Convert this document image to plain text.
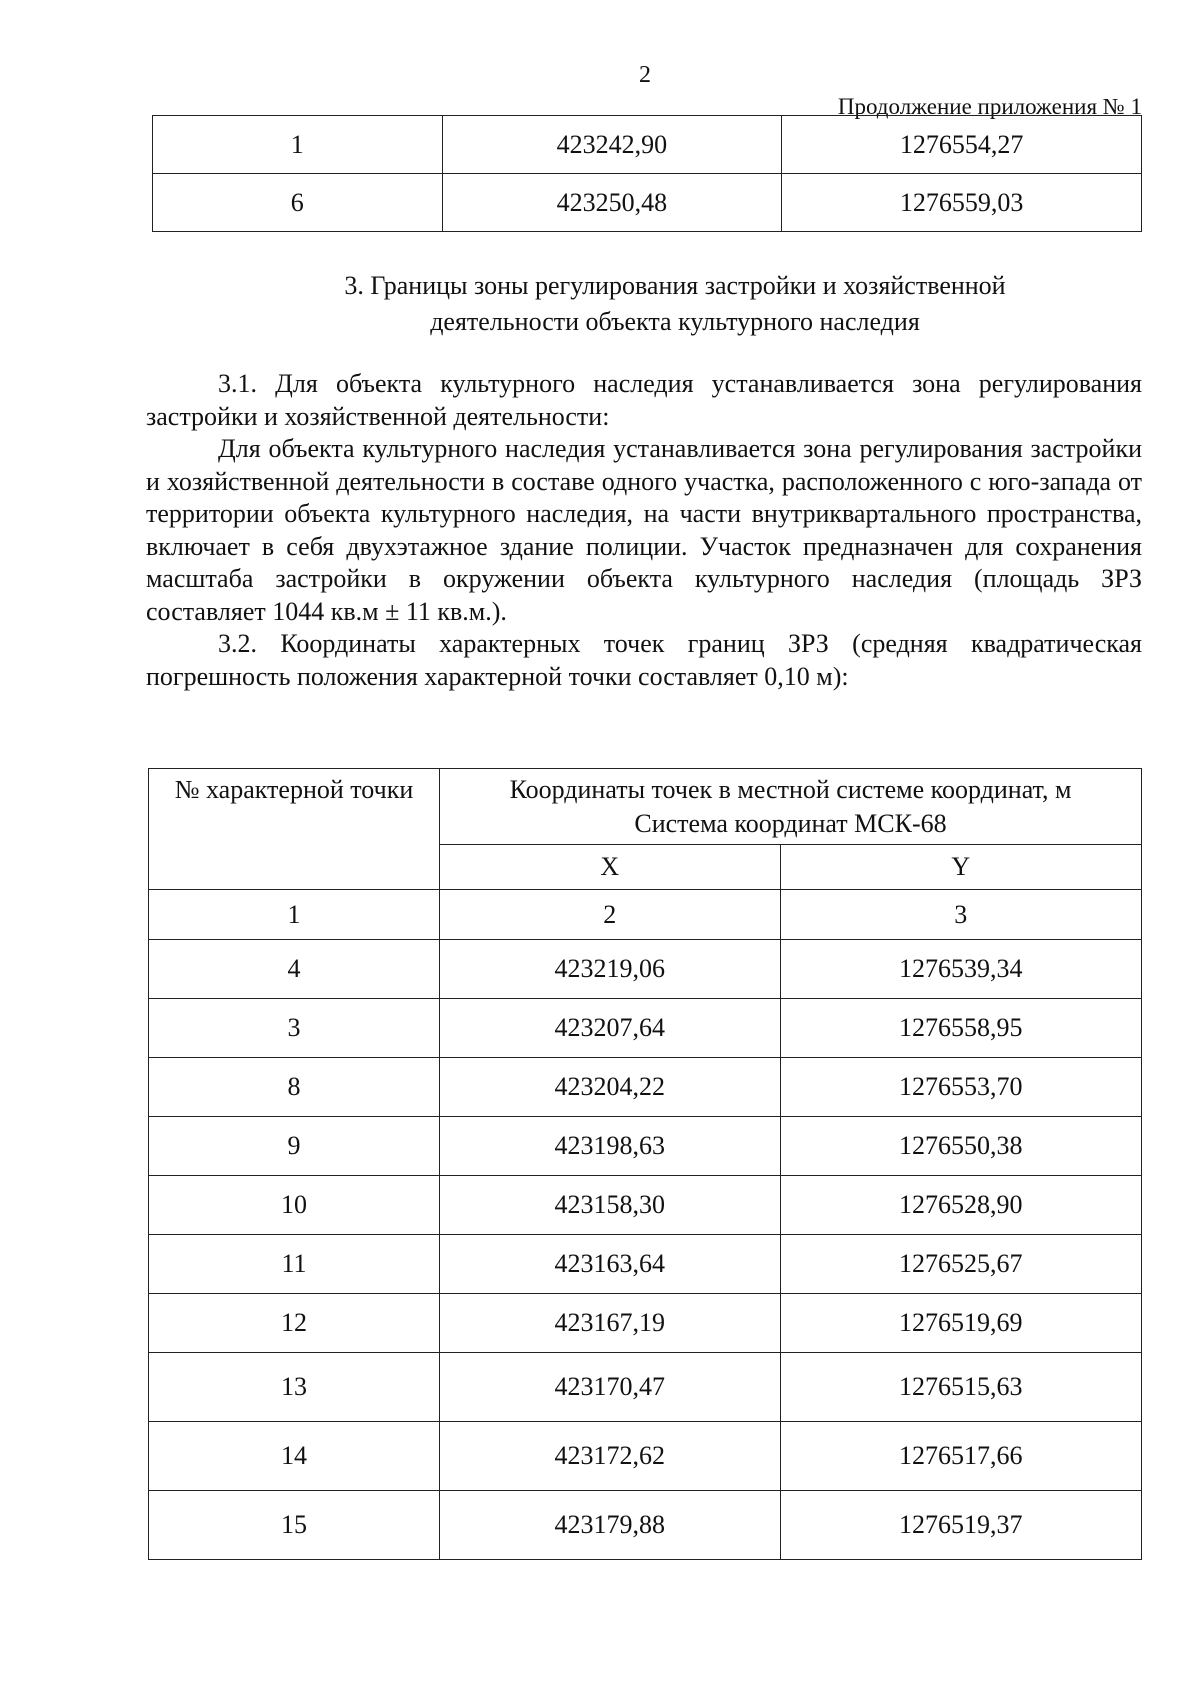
2
Продолжение приложения № 1
1	423242,90	1276554,27
6	423250,48	1276559,03
3. Границы зоны регулирования застройки и хозяйственной
деятельности объекта культурного наследия

3.1. Для объекта культурного наследия устанавливается зона регулирования застройки и хозяйственной деятельности:

Для объекта культурного наследия устанавливается зона регулирования застройки и хозяйственной деятельности в составе одного участка, расположенного с юго-запада от территории объекта культурного наследия, на части внутриквартального пространства, включает в себя двухэтажное здание полиции. Участок предназначен для сохранения масштаба застройки в окружении объекта культурного наследия (площадь ЗРЗ составляет 1044 кв.м ± 11 кв.м.).

3.2. Координаты характерных точек границ ЗРЗ (средняя квадратическая погрешность положения характерной точки составляет 0,10 м):

№ характерной точки	Координаты точек в местной системе координат, м
Система координат МСК-68	

	X	Y
1	2	3
4	423219,06	1276539,34
3	423207,64	1276558,95
8	423204,22	1276553,70
9	423198,63	1276550,38
10	423158,30	1276528,90
11	423163,64	1276525,67
12	423167,19	1276519,69
13	423170,47	1276515,63
14	423172,62	1276517,66
15	423179,88	1276519,37
